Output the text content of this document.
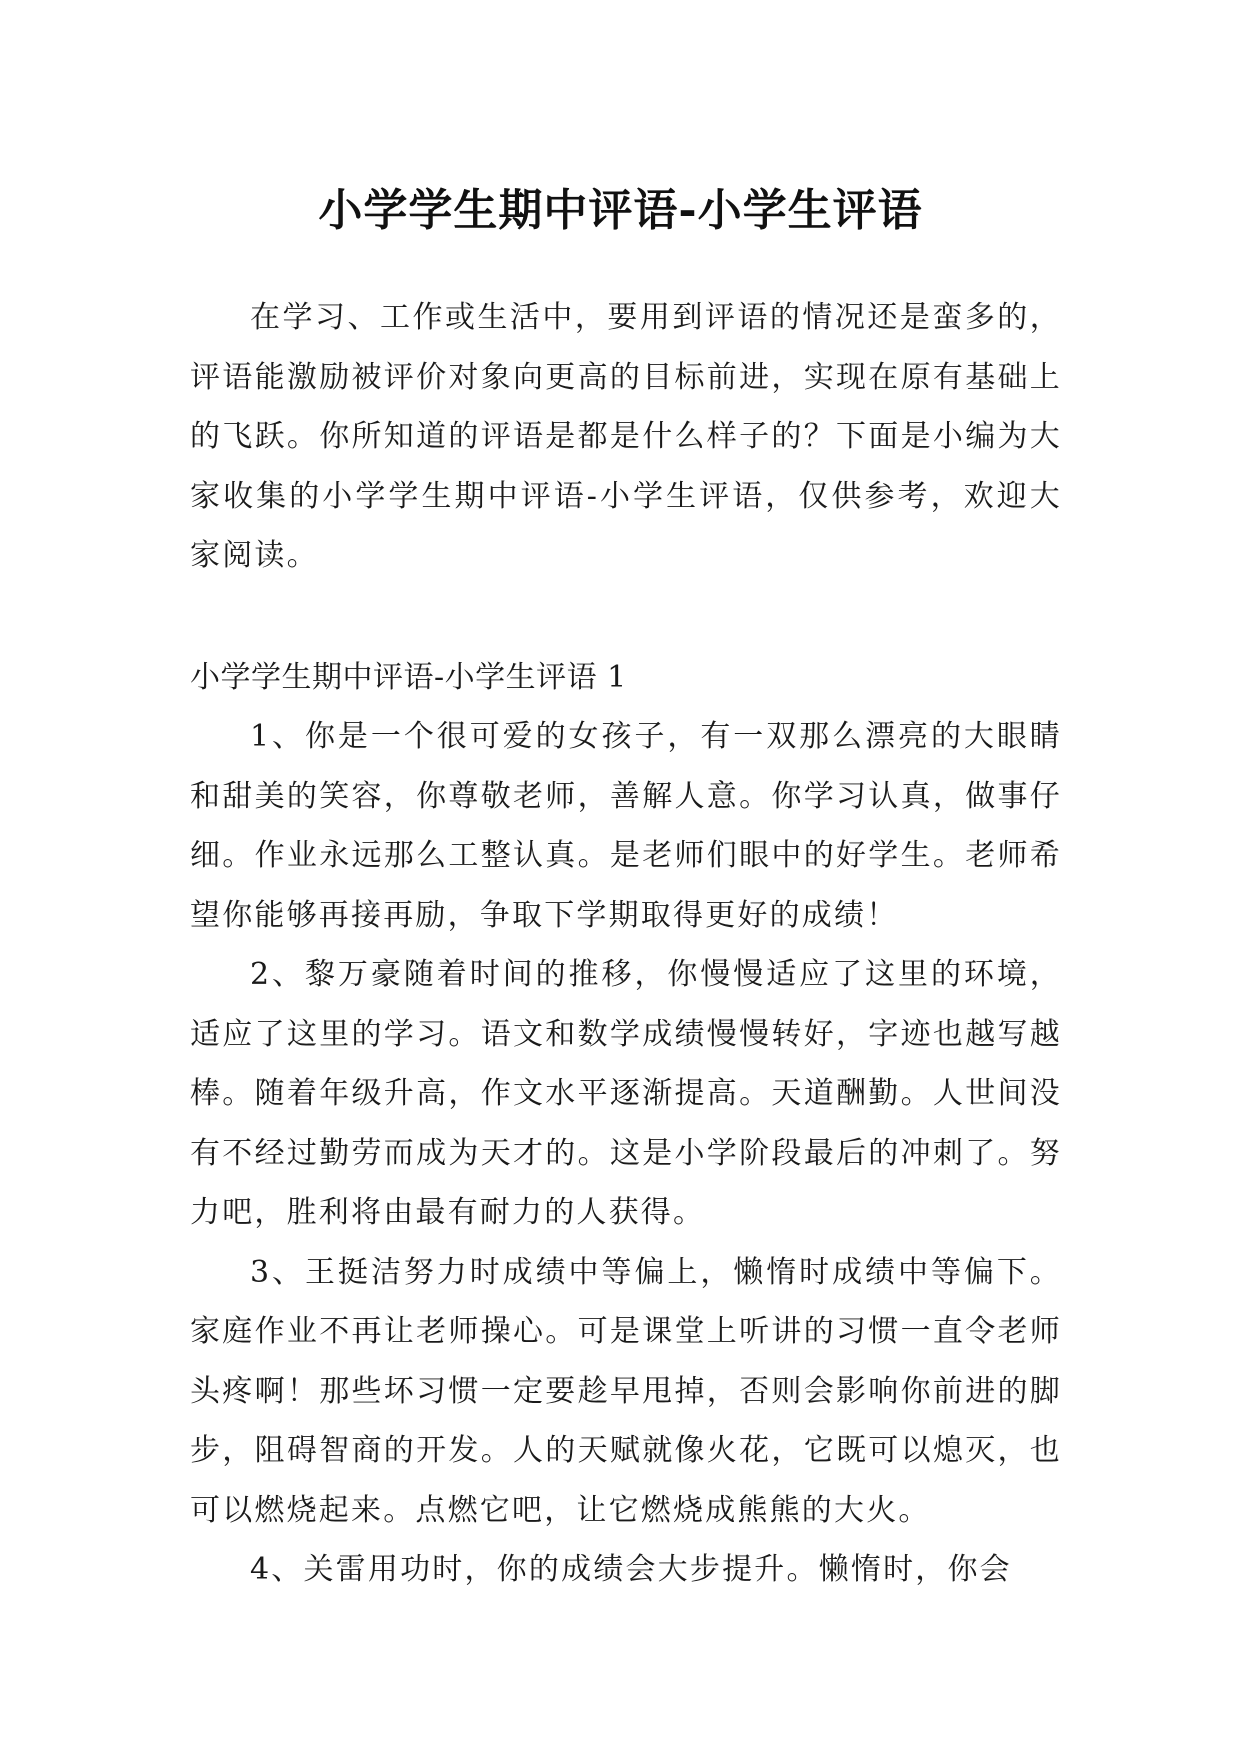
小学学生期中评语-小学生评语

在学习、工作或生活中，要用到评语的情况还是蛮多的，评语能激励被评价对象向更高的目标前进，实现在原有基础上的飞跃。你所知道的评语是都是什么样子的？下面是小编为大家收集的小学学生期中评语-小学生评语，仅供参考，欢迎大家阅读。

小学学生期中评语-小学生评语 1

1、你是一个很可爱的女孩子，有一双那么漂亮的大眼睛和甜美的笑容，你尊敬老师，善解人意。你学习认真，做事仔细。作业永远那么工整认真。是老师们眼中的好学生。老师希望你能够再接再励，争取下学期取得更好的成绩！

2、黎万豪随着时间的推移，你慢慢适应了这里的环境，适应了这里的学习。语文和数学成绩慢慢转好，字迹也越写越棒。随着年级升高，作文水平逐渐提高。天道酬勤。人世间没有不经过勤劳而成为天才的。这是小学阶段最后的冲刺了。努力吧，胜利将由最有耐力的人获得。

3、王挺洁努力时成绩中等偏上，懒惰时成绩中等偏下。家庭作业不再让老师操心。可是课堂上听讲的习惯一直令老师头疼啊！那些坏习惯一定要趁早甩掉，否则会影响你前进的脚步，阻碍智商的开发。人的天赋就像火花，它既可以熄灭，也可以燃烧起来。点燃它吧，让它燃烧成熊熊的大火。

4、关雷用功时，你的成绩会大步提升。懒惰时，你会
